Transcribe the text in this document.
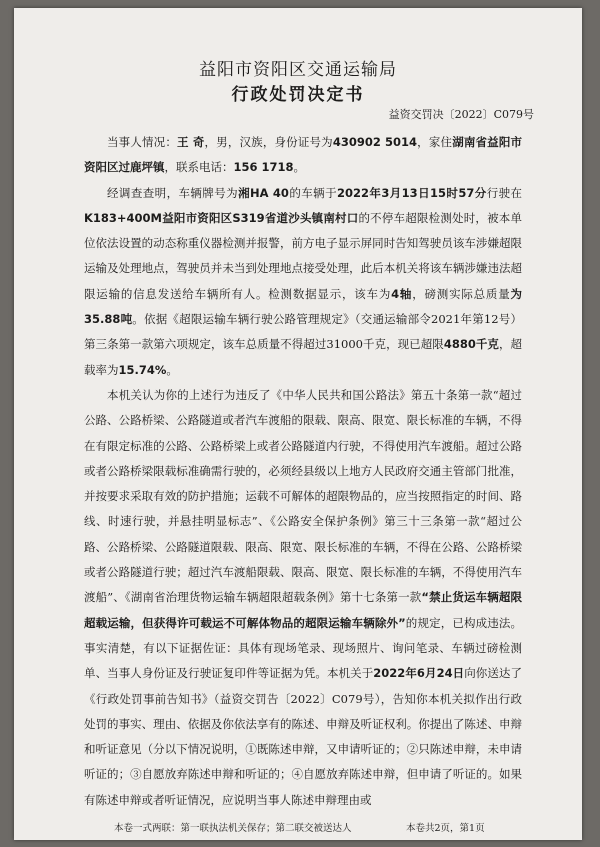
益阳市资阳区交通运输局
行政处罚决定书
益资交罚决〔2022〕C079号

当事人情况：王 奇，男，汉族，身份证号为430902 5014，家住湖南省益阳市资阳区过鹿坪镇，联系电话：156 1718。

经调查查明，车辆牌号为湘HA 40的车辆于2022年3月13日15时57分行驶在K183+400M益阳市资阳区S319省道沙头镇南村口的不停车超限检测处时，被本单位依法设置的动态称重仪器检测并报警，前方电子显示屏同时告知驾驶员该车涉嫌超限运输及处理地点，驾驶员并未当到处理地点接受处理，此后本机关将该车辆涉嫌违法超限运输的信息发送给车辆所有人。检测数据显示，该车为4轴，磅测实际总质量为35.88吨。依据《超限运输车辆行驶公路管理规定》（交通运输部令2021年第12号）第三条第一款第六项规定，该车总质量不得超过31000千克，现已超限4880千克，超载率为15.74%。

本机关认为你的上述行为违反了《中华人民共和国公路法》第五十条第一款“超过公路、公路桥梁、公路隧道或者汽车渡船的限载、限高、限宽、限长标准的车辆，不得在有限定标准的公路、公路桥梁上或者公路隧道内行驶，不得使用汽车渡船。超过公路或者公路桥梁限载标准确需行驶的，必须经县级以上地方人民政府交通主管部门批准，并按要求采取有效的防护措施；运载不可解体的超限物品的，应当按照指定的时间、路线、时速行驶，并悬挂明显标志”、《公路安全保护条例》第三十三条第一款“超过公路、公路桥梁、公路隧道限载、限高、限宽、限长标准的车辆，不得在公路、公路桥梁或者公路隧道行驶；超过汽车渡船限载、限高、限宽、限长标准的车辆，不得使用汽车渡船”、《湖南省治理货物运输车辆超限超载条例》第十七条第一款“禁止货运车辆超限超载运输，但获得许可载运不可解体物品的超限运输车辆除外”的规定，已构成违法。事实清楚，有以下证据佐证：具体有现场笔录、现场照片、询问笔录、车辆过磅检测单、当事人身份证及行驶证复印件等证据为凭。本机关于2022年6月24日向你送达了《行政处罚事前告知书》（益资交罚告〔2022〕C079号），告知你本机关拟作出行政处罚的事实、理由、依据及你依法享有的陈述、申辩及听证权利。你提出了陈述、申辩和听证意见（分以下情况说明，①既陈述申辩，又申请听证的；②只陈述申辩，未申请听证的；③自愿放弃陈述申辩和听证的；④自愿放弃陈述申辩，但申请了听证的。如果有陈述申辩或者听证情况，应说明当事人陈述申辩理由或

本卷一式两联：第一联执法机关保存；第二联交被送达人	本卷共2页，第1页
